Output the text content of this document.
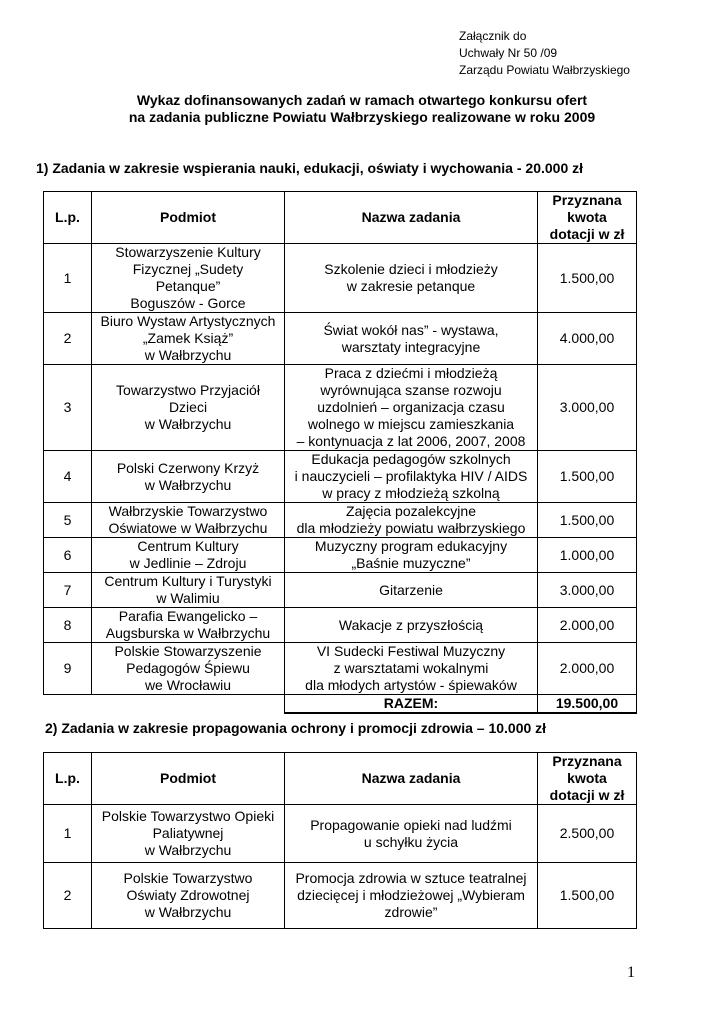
Załącznik do
Uchwały Nr 50 /09
Zarządu Powiatu Wałbrzyskiego
Wykaz dofinansowanych zadań w ramach otwartego konkursu ofert
na zadania publiczne Powiatu Wałbrzyskiego realizowane w roku 2009
1) Zadania w zakresie wspierania nauki, edukacji, oświaty i wychowania - 20.000 zł
L.p.	Podmiot	Nazwa zadania	Przyznana
kwota
dotacji w zł

1	Stowarzyszenie Kultury
Fizycznej „Sudety
Petanque”
Boguszów - Gorce	Szkolenie dzieci i młodzieży
w zakresie petanque	1.500,00
2	Biuro Wystaw Artystycznych
„Zamek Książ”
w Wałbrzychu	Świat wokół nas” - wystawa,
warsztaty integracyjne	4.000,00
3	Towarzystwo Przyjaciół
Dzieci
w Wałbrzychu	Praca z dziećmi i młodzieżą
wyrównująca szanse rozwoju
uzdolnień – organizacja czasu
wolnego w miejscu zamieszkania
– kontynuacja z lat 2006, 2007, 2008	3.000,00
4	Polski Czerwony Krzyż
w Wałbrzychu	Edukacja pedagogów szkolnych
i nauczycieli – profilaktyka HIV / AIDS
w pracy z młodzieżą szkolną	1.500,00
5	Wałbrzyskie Towarzystwo
Oświatowe w Wałbrzychu	Zajęcia pozalekcyjne
dla młodzieży powiatu wałbrzyskiego	1.500,00
6	Centrum Kultury
w Jedlinie – Zdroju	Muzyczny program edukacyjny
„Baśnie muzyczne”	1.000,00
7	Centrum Kultury i Turystyki
w Walimiu	Gitarzenie	3.000,00
8	Parafia Ewangelicko –
Augsburska w Wałbrzychu	Wakacje z przyszłością	2.000,00
9	Polskie Stowarzyszenie
Pedagogów Śpiewu
we Wrocławiu	VI Sudecki Festiwal Muzyczny
z warsztatami wokalnymi
dla młodych artystów - śpiewaków	2.000,00
		RAZEM:	19.500,00
2) Zadania w zakresie propagowania ochrony i promocji zdrowia – 10.000 zł
L.p.	Podmiot	Nazwa zadania	Przyznana
kwota
dotacji w zł

1	Polskie Towarzystwo Opieki
Paliatywnej
w Wałbrzychu	Propagowanie opieki nad ludźmi
u schyłku życia	2.500,00
2	Polskie Towarzystwo
Oświaty Zdrowotnej
w Wałbrzychu	Promocja zdrowia w sztuce teatralnej
dziecięcej i młodzieżowej „Wybieram
zdrowie”	1.500,00
1
